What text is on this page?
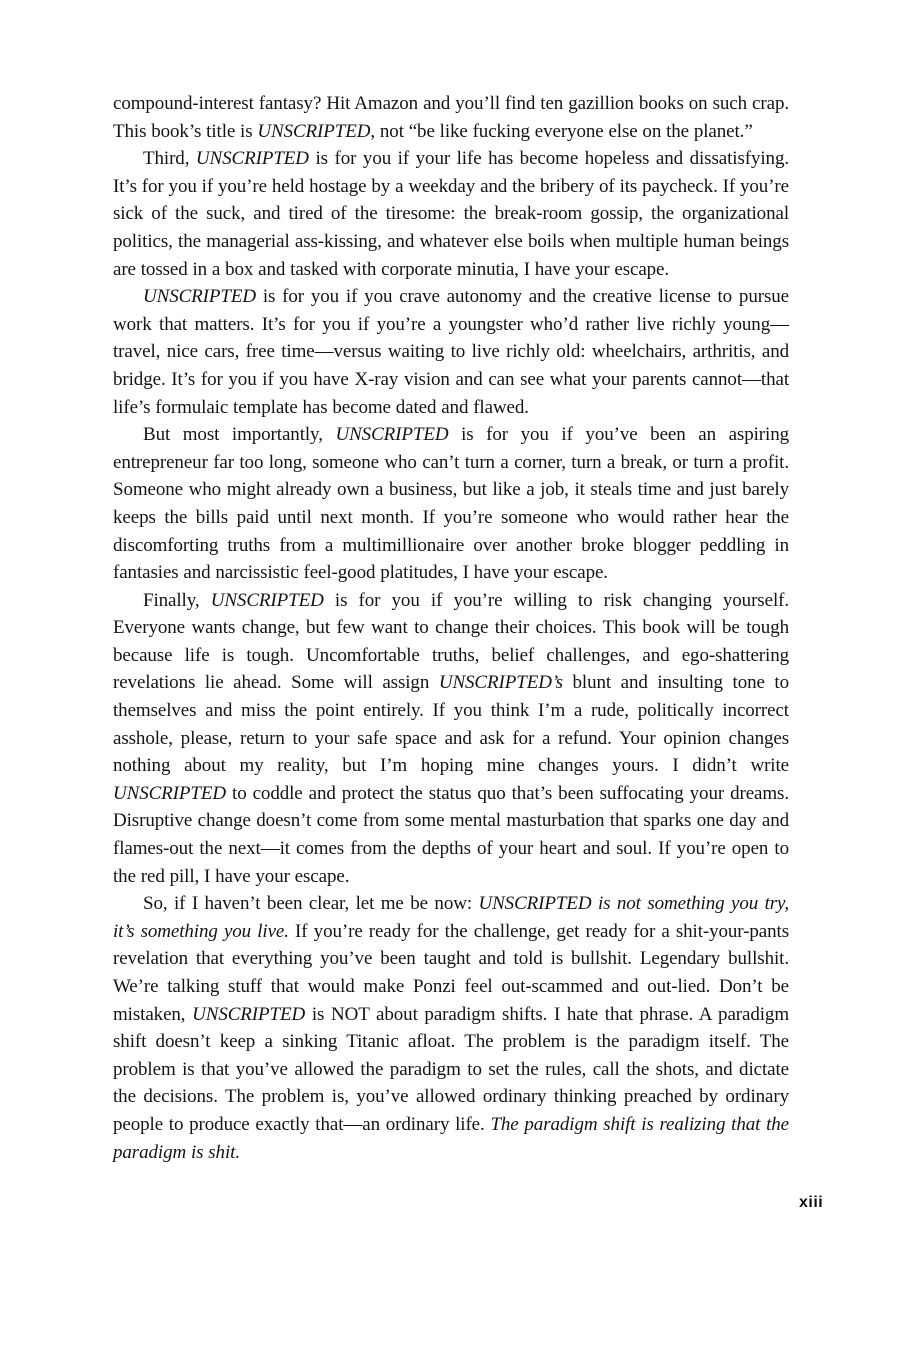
compound-interest fantasy? Hit Amazon and you’ll find ten gazillion books on such crap. This book’s title is UNSCRIPTED, not “be like fucking everyone else on the planet.”

Third, UNSCRIPTED is for you if your life has become hopeless and dissatisfying. It’s for you if you’re held hostage by a weekday and the bribery of its paycheck. If you’re sick of the suck, and tired of the tiresome: the break-room gossip, the organizational politics, the managerial ass-kissing, and whatever else boils when multiple human beings are tossed in a box and tasked with corporate minutia, I have your escape.

UNSCRIPTED is for you if you crave autonomy and the creative license to pursue work that matters. It’s for you if you’re a youngster who’d rather live richly young—travel, nice cars, free time—versus waiting to live richly old: wheelchairs, arthritis, and bridge. It’s for you if you have X-ray vision and can see what your parents cannot—that life’s formulaic template has become dated and flawed.

But most importantly, UNSCRIPTED is for you if you’ve been an aspiring entrepreneur far too long, someone who can’t turn a corner, turn a break, or turn a profit. Someone who might already own a business, but like a job, it steals time and just barely keeps the bills paid until next month. If you’re someone who would rather hear the discomforting truths from a multimillionaire over another broke blogger peddling in fantasies and narcissistic feel-good platitudes, I have your escape.

Finally, UNSCRIPTED is for you if you’re willing to risk changing yourself. Everyone wants change, but few want to change their choices. This book will be tough because life is tough. Uncomfortable truths, belief challenges, and ego-shattering revelations lie ahead. Some will assign UNSCRIPTED’s blunt and insulting tone to themselves and miss the point entirely. If you think I’m a rude, politically incorrect asshole, please, return to your safe space and ask for a refund. Your opinion changes nothing about my reality, but I’m hoping mine changes yours. I didn’t write UNSCRIPTED to coddle and protect the status quo that’s been suffocating your dreams. Disruptive change doesn’t come from some mental masturbation that sparks one day and flames-out the next—it comes from the depths of your heart and soul. If you’re open to the red pill, I have your escape.

So, if I haven’t been clear, let me be now: UNSCRIPTED is not something you try, it’s something you live. If you’re ready for the challenge, get ready for a shit-your-pants revelation that everything you’ve been taught and told is bullshit. Legendary bullshit. We’re talking stuff that would make Ponzi feel out-scammed and out-lied. Don’t be mistaken, UNSCRIPTED is NOT about paradigm shifts. I hate that phrase. A paradigm shift doesn’t keep a sinking Titanic afloat. The problem is the paradigm itself. The problem is that you’ve allowed the paradigm to set the rules, call the shots, and dictate the decisions. The problem is, you’ve allowed ordinary thinking preached by ordinary people to produce exactly that—an ordinary life. The paradigm shift is realizing that the paradigm is shit.

xiii
